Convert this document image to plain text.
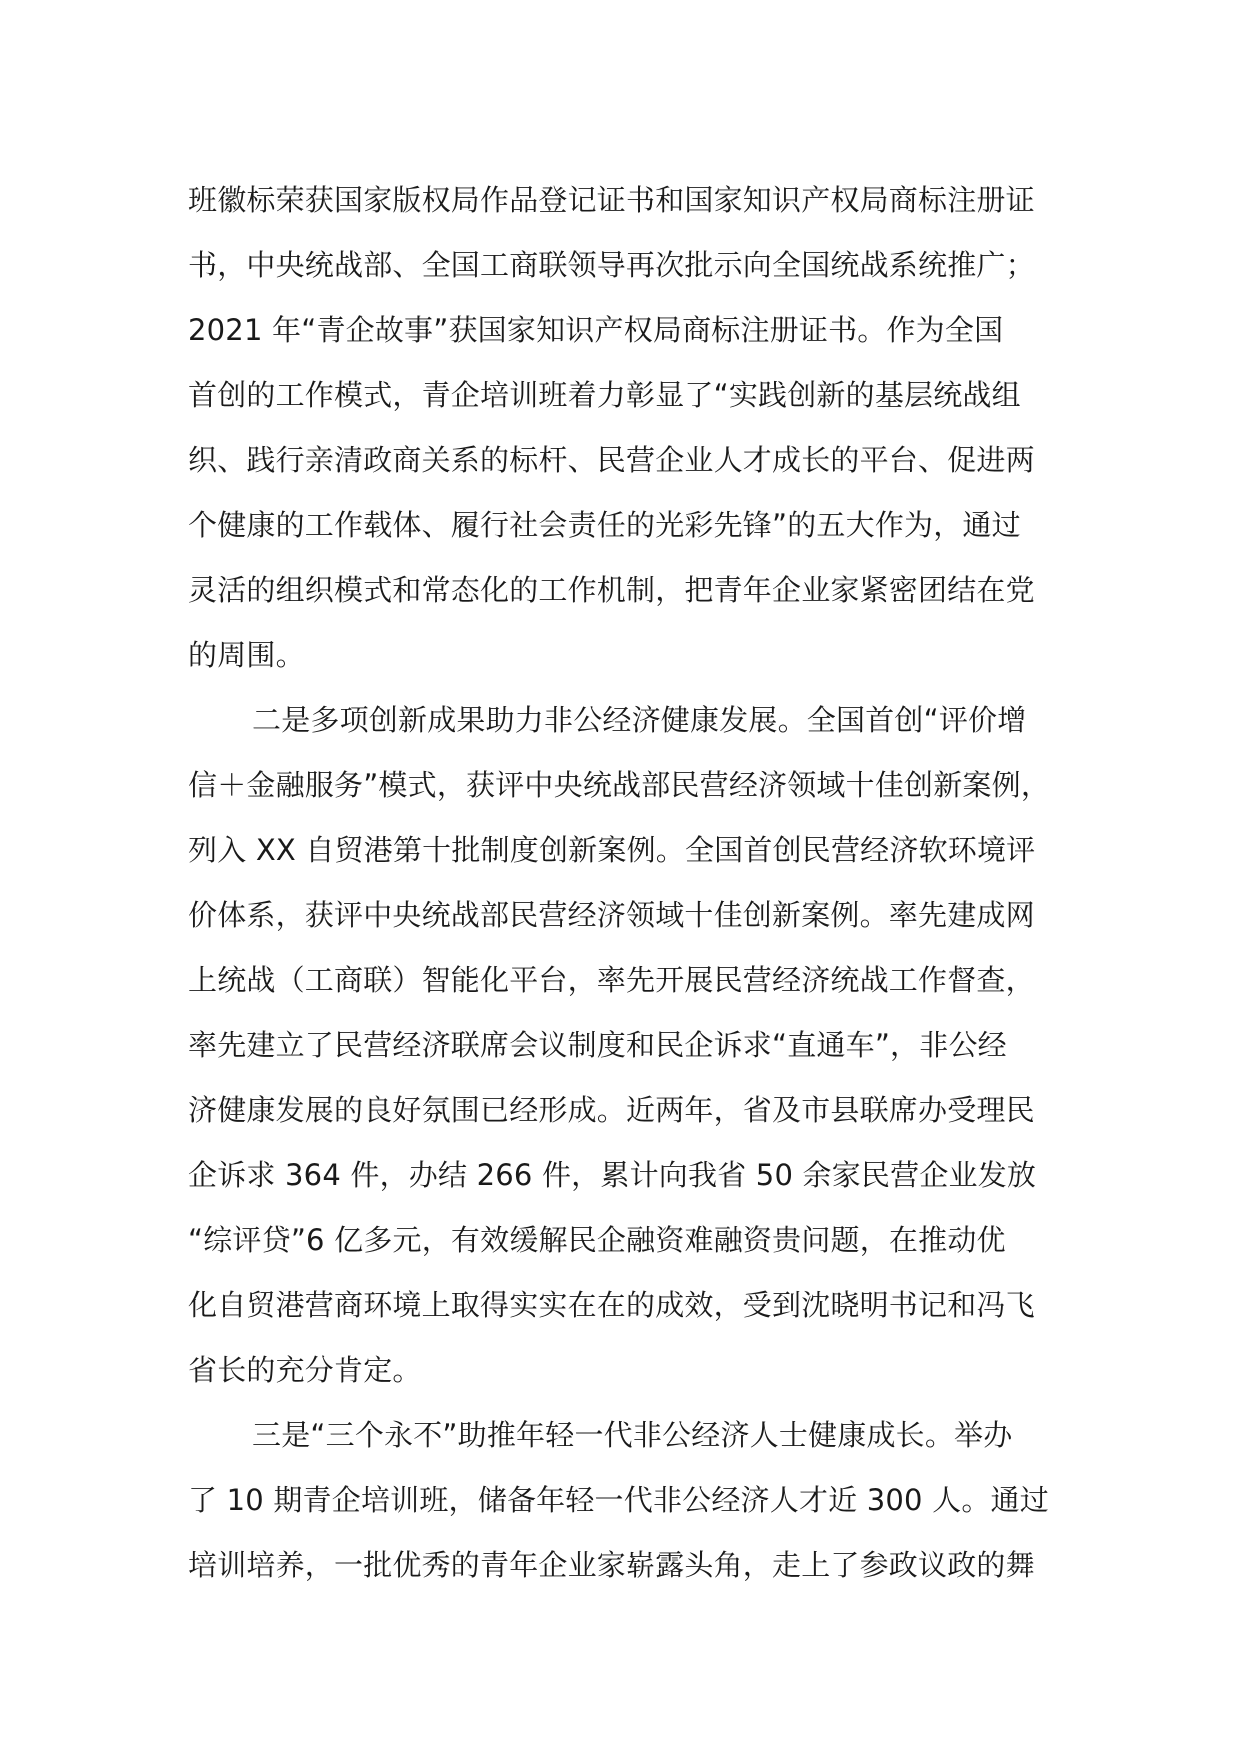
班徽标荣获国家版权局作品登记证书和国家知识产权局商标注册证
书，中央统战部、全国工商联领导再次批示向全国统战系统推广；
2021 年“青企故事”获国家知识产权局商标注册证书。作为全国
首创的工作模式，青企培训班着力彰显了“实践创新的基层统战组
织、践行亲清政商关系的标杆、民营企业人才成长的平台、促进两
个健康的工作载体、履行社会责任的光彩先锋”的五大作为，通过
灵活的组织模式和常态化的工作机制，把青年企业家紧密团结在党
的周围。
二是多项创新成果助力非公经济健康发展。全国首创“评价增
信＋金融服务”模式，获评中央统战部民营经济领域十佳创新案例，
列入 XX 自贸港第十批制度创新案例。全国首创民营经济软环境评
价体系，获评中央统战部民营经济领域十佳创新案例。率先建成网
上统战（工商联）智能化平台，率先开展民营经济统战工作督查，
率先建立了民营经济联席会议制度和民企诉求“直通车”，非公经
济健康发展的良好氛围已经形成。近两年，省及市县联席办受理民
企诉求 364 件，办结 266 件，累计向我省 50 余家民营企业发放
“综评贷”6 亿多元，有效缓解民企融资难融资贵问题，在推动优
化自贸港营商环境上取得实实在在的成效，受到沈晓明书记和冯飞
省长的充分肯定。
三是“三个永不”助推年轻一代非公经济人士健康成长。举办
了 10 期青企培训班，储备年轻一代非公经济人才近 300 人。通过
培训培养，一批优秀的青年企业家崭露头角，走上了参政议政的舞
